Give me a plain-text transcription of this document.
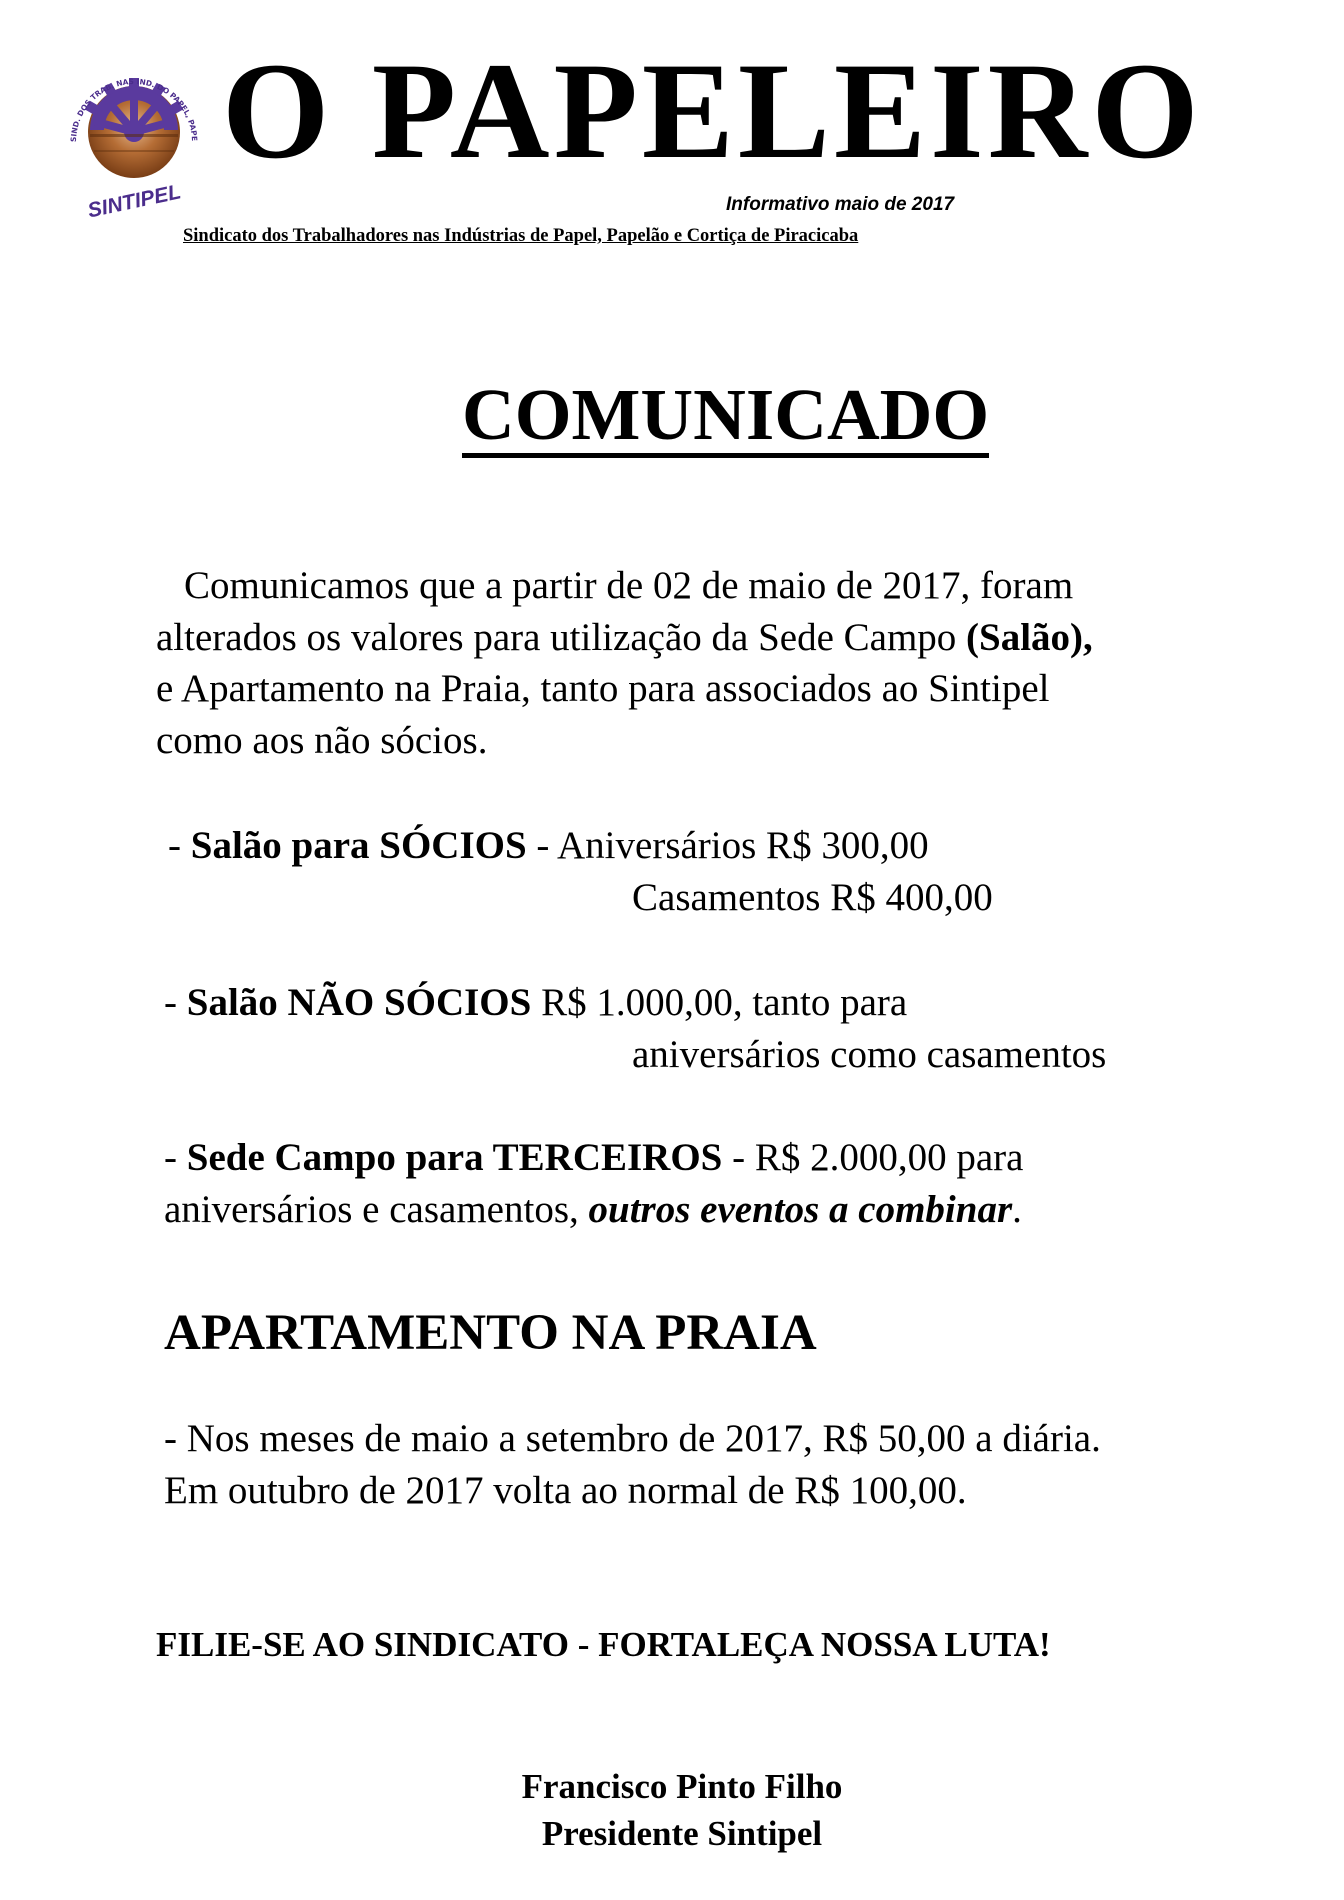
SIND. DOS TRAB. NAS IND. DO PAPEL, PAPE
SINTIPEL
O PAPELEIRO
Informativo maio de 2017
Sindicato dos Trabalhadores nas Indústrias de Papel, Papelão e Cortiça de Piracicaba
COMUNICADO
Comunicamos que a partir de 02 de maio de 2017, foram
alterados os valores para utilização da Sede Campo (Salão),
e Apartamento na Praia, tanto para associados ao Sintipel
como aos não sócios.
- Salão para SÓCIOS - Aniversários R$ 300,00
Casamentos R$ 400,00
- Salão NÃO SÓCIOS R$ 1.000,00, tanto para
aniversários como casamentos
- Sede Campo para TERCEIROS - R$ 2.000,00 para
aniversários e casamentos, outros eventos a combinar.
APARTAMENTO NA PRAIA
- Nos meses de maio a setembro de 2017, R$ 50,00 a diária.
Em outubro de 2017 volta ao normal de R$ 100,00.
FILIE-SE AO SINDICATO - FORTALEÇA NOSSA LUTA!
Francisco Pinto Filho
Presidente Sintipel
